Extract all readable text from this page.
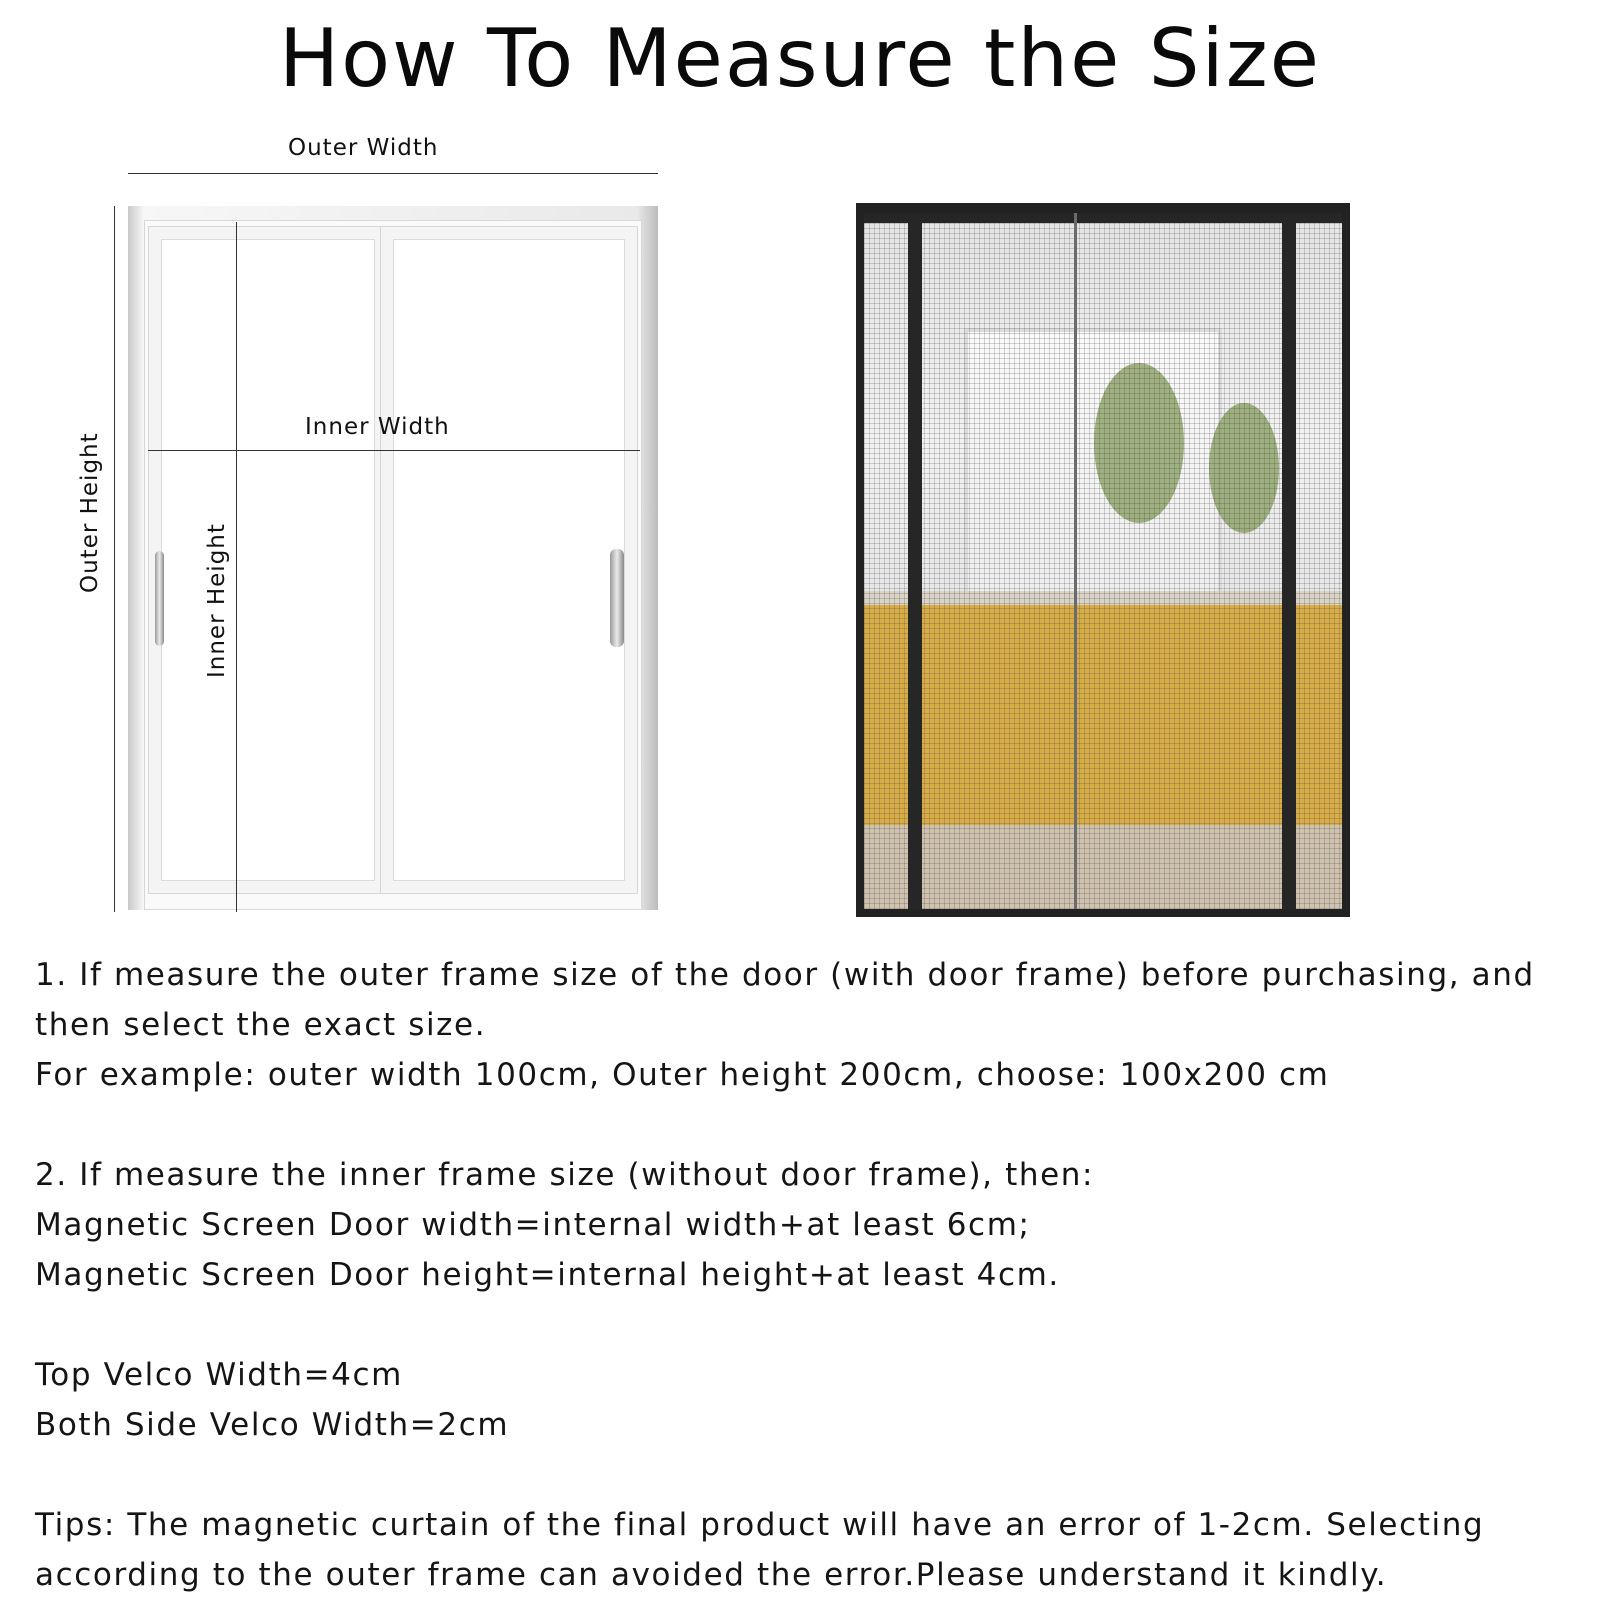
How To Measure the Size
Outer Width
Outer Height
Inner Width
Inner Height
1. If measure the outer frame size of the door (with door frame) before purchasing, and
then select the exact size.
For example: outer width 100cm, Outer height 200cm, choose: 100x200 cm
2. If measure the inner frame size (without door frame), then:
Magnetic Screen Door width=internal width+at least 6cm;
Magnetic Screen Door height=internal height+at least 4cm.
Top Velco Width=4cm
Both Side Velco Width=2cm
Tips: The magnetic curtain of the final product will have an error of 1-2cm. Selecting
according to the outer frame can avoided the error.Please understand it kindly.
